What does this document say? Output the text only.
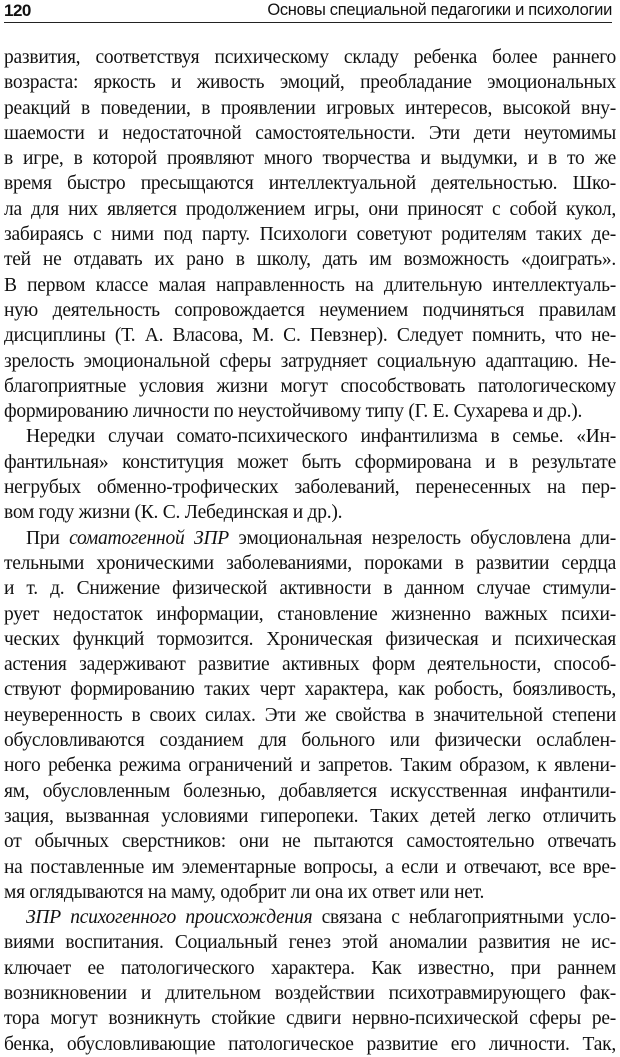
120	Основы специальной педагогики и психологии
развития, соответствуя психическому складу ребенка более раннего
возраста: яркость и живость эмоций, преобладание эмоциональных
реакций в поведении, в проявлении игровых интересов, высокой вну-
шаемости и недостаточной самостоятельности. Эти дети неутомимы
в игре, в которой проявляют много творчества и выдумки, и в то же
время быстро пресыщаются интеллектуальной деятельностью. Шко-
ла для них является продолжением игры, они приносят с собой кукол,
забираясь с ними под парту. Психологи советуют родителям таких де-
тей не отдавать их рано в школу, дать им возможность «доиграть».
В первом классе малая направленность на длительную интеллектуаль-
ную деятельность сопровождается неумением подчиняться правилам
дисциплины (Т. А. Власова, М. С. Певзнер). Следует помнить, что не-
зрелость эмоциональной сферы затрудняет социальную адаптацию. Не-
благоприятные условия жизни могут способствовать патологическому
формированию личности по неустойчивому типу (Г. Е. Сухарева и др.).
Нередки случаи сомато-психического инфантилизма в семье. «Ин-
фантильная» конституция может быть сформирована и в результате
негрубых обменно-трофических заболеваний, перенесенных на пер-
вом году жизни (К. С. Лебединская и др.).
При соматогенной ЗПР эмоциональная незрелость обусловлена дли-
тельными хроническими заболеваниями, пороками в развитии сердца
и т. д. Снижение физической активности в данном случае стимули-
рует недостаток информации, становление жизненно важных психи-
ческих функций тормозится. Хроническая физическая и психическая
астения задерживают развитие активных форм деятельности, способ-
ствуют формированию таких черт характера, как робость, боязливость,
неуверенность в своих силах. Эти же свойства в значительной степени
обусловливаются созданием для больного или физически ослаблен-
ного ребенка режима ограничений и запретов. Таким образом, к явлени-
ям, обусловленным болезнью, добавляется искусственная инфантили-
зация, вызванная условиями гиперопеки. Таких детей легко отличить
от обычных сверстников: они не пытаются самостоятельно отвечать
на поставленные им элементарные вопросы, а если и отвечают, все вре-
мя оглядываются на маму, одобрит ли она их ответ или нет.
ЗПР психогенного происхождения связана с неблагоприятными усло-
виями воспитания. Социальный генез этой аномалии развития не ис-
ключает ее патологического характера. Как известно, при раннем
возникновении и длительном воздействии психотравмирующего фак-
тора могут возникнуть стойкие сдвиги нервно-психической сферы ре-
бенка, обусловливающие патологическое развитие его личности. Так,
